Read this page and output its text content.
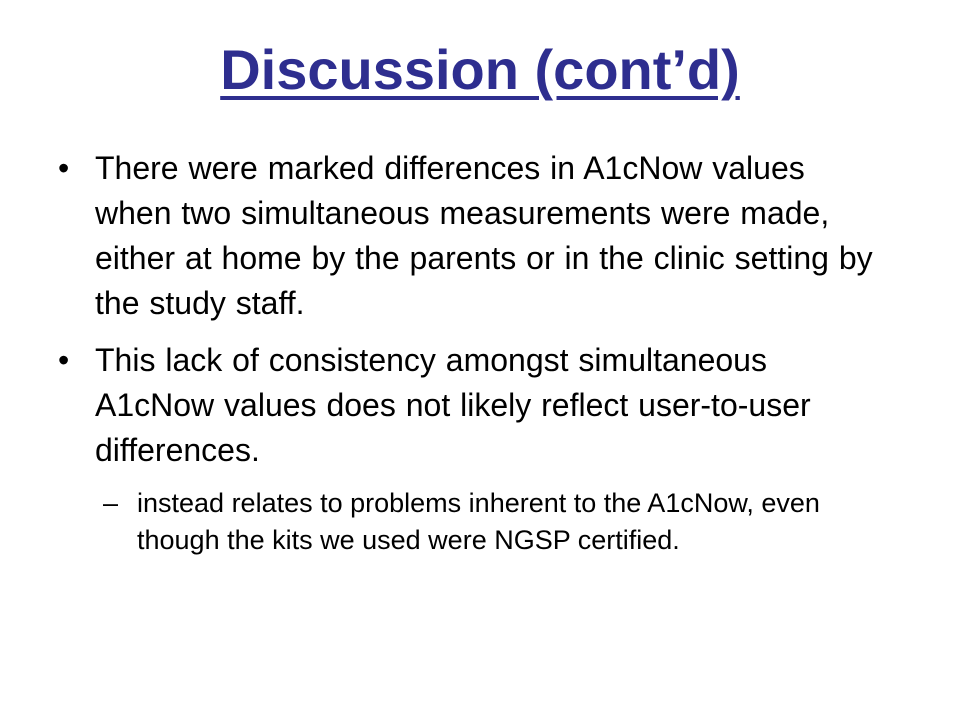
Discussion (cont’d)
• There were marked differences in A1cNow values when two simultaneous measurements were made, either at home by the parents or in the clinic setting by the study staff.
• This lack of consistency amongst simultaneous A1cNow values does not likely reflect user-to-user differences.
– instead relates to problems inherent to the A1cNow, even though the kits we used were NGSP certified.
